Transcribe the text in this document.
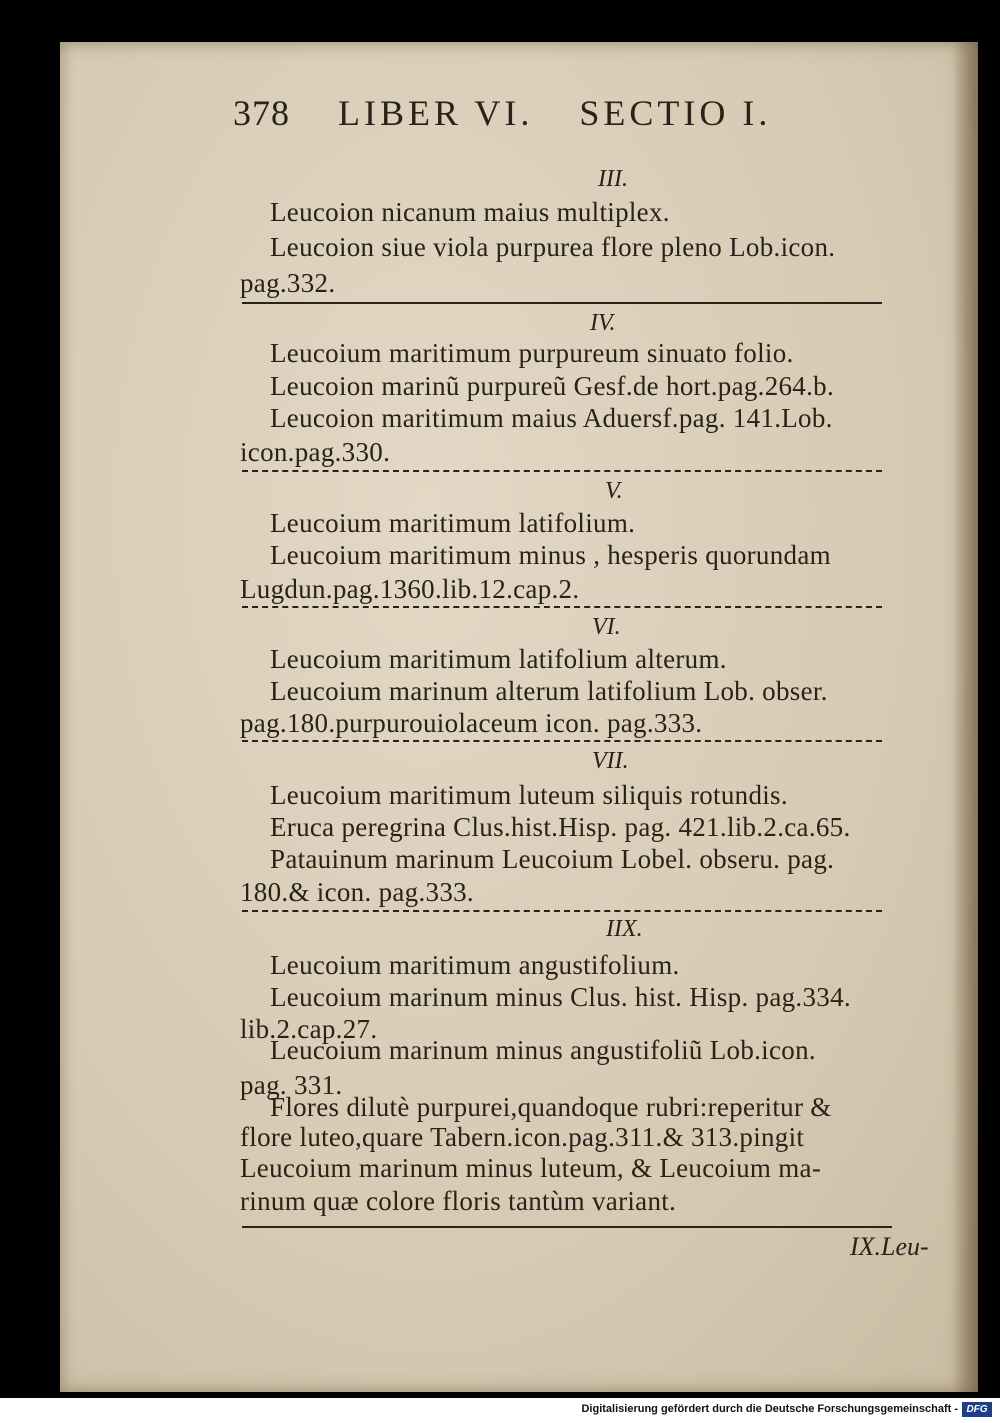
378 LIBER VI. SECTIO I.
III.
Leucoion nicanum maius multiplex.
Leucoion siue viola purpurea flore pleno Lob.icon.
pag.332.
IV.
Leucoium maritimum purpureum sinuato folio.
Leucoion marinũ purpureũ Gesf.de hort.pag.264.b.
Leucoion maritimum maius Aduersf.pag. 141.Lob.
icon.pag.330.
V.
Leucoium maritimum latifolium.
Leucoium maritimum minus , hesperis quorundam
Lugdun.pag.1360.lib.12.cap.2.
VI.
Leucoium maritimum latifolium alterum.
Leucoium marinum alterum latifolium Lob. obser.
pag.180.purpurouiolaceum icon. pag.333.
VII.
Leucoium maritimum luteum siliquis rotundis.
Eruca peregrina Clus.hist.Hisp. pag. 421.lib.2.ca.65.
Patauinum marinum Leucoium Lobel. obseru. pag.
180.& icon. pag.333.
IIX.
Leucoium maritimum angustifolium.
Leucoium marinum minus Clus. hist. Hisp. pag.334.
lib.2.cap.27.
Leucoium marinum minus angustifoliũ Lob.icon.
pag. 331.
Flores dilutè purpurei,quandoque rubri:reperitur &
flore luteo,quare Tabern.icon.pag.311.& 313.pingit
Leucoium marinum minus luteum, & Leucoium ma-
rinum quæ colore floris tantùm variant.
IX.Leu-
Digitalisierung gefördert durch die Deutsche Forschungsgemeinschaft - DFG
